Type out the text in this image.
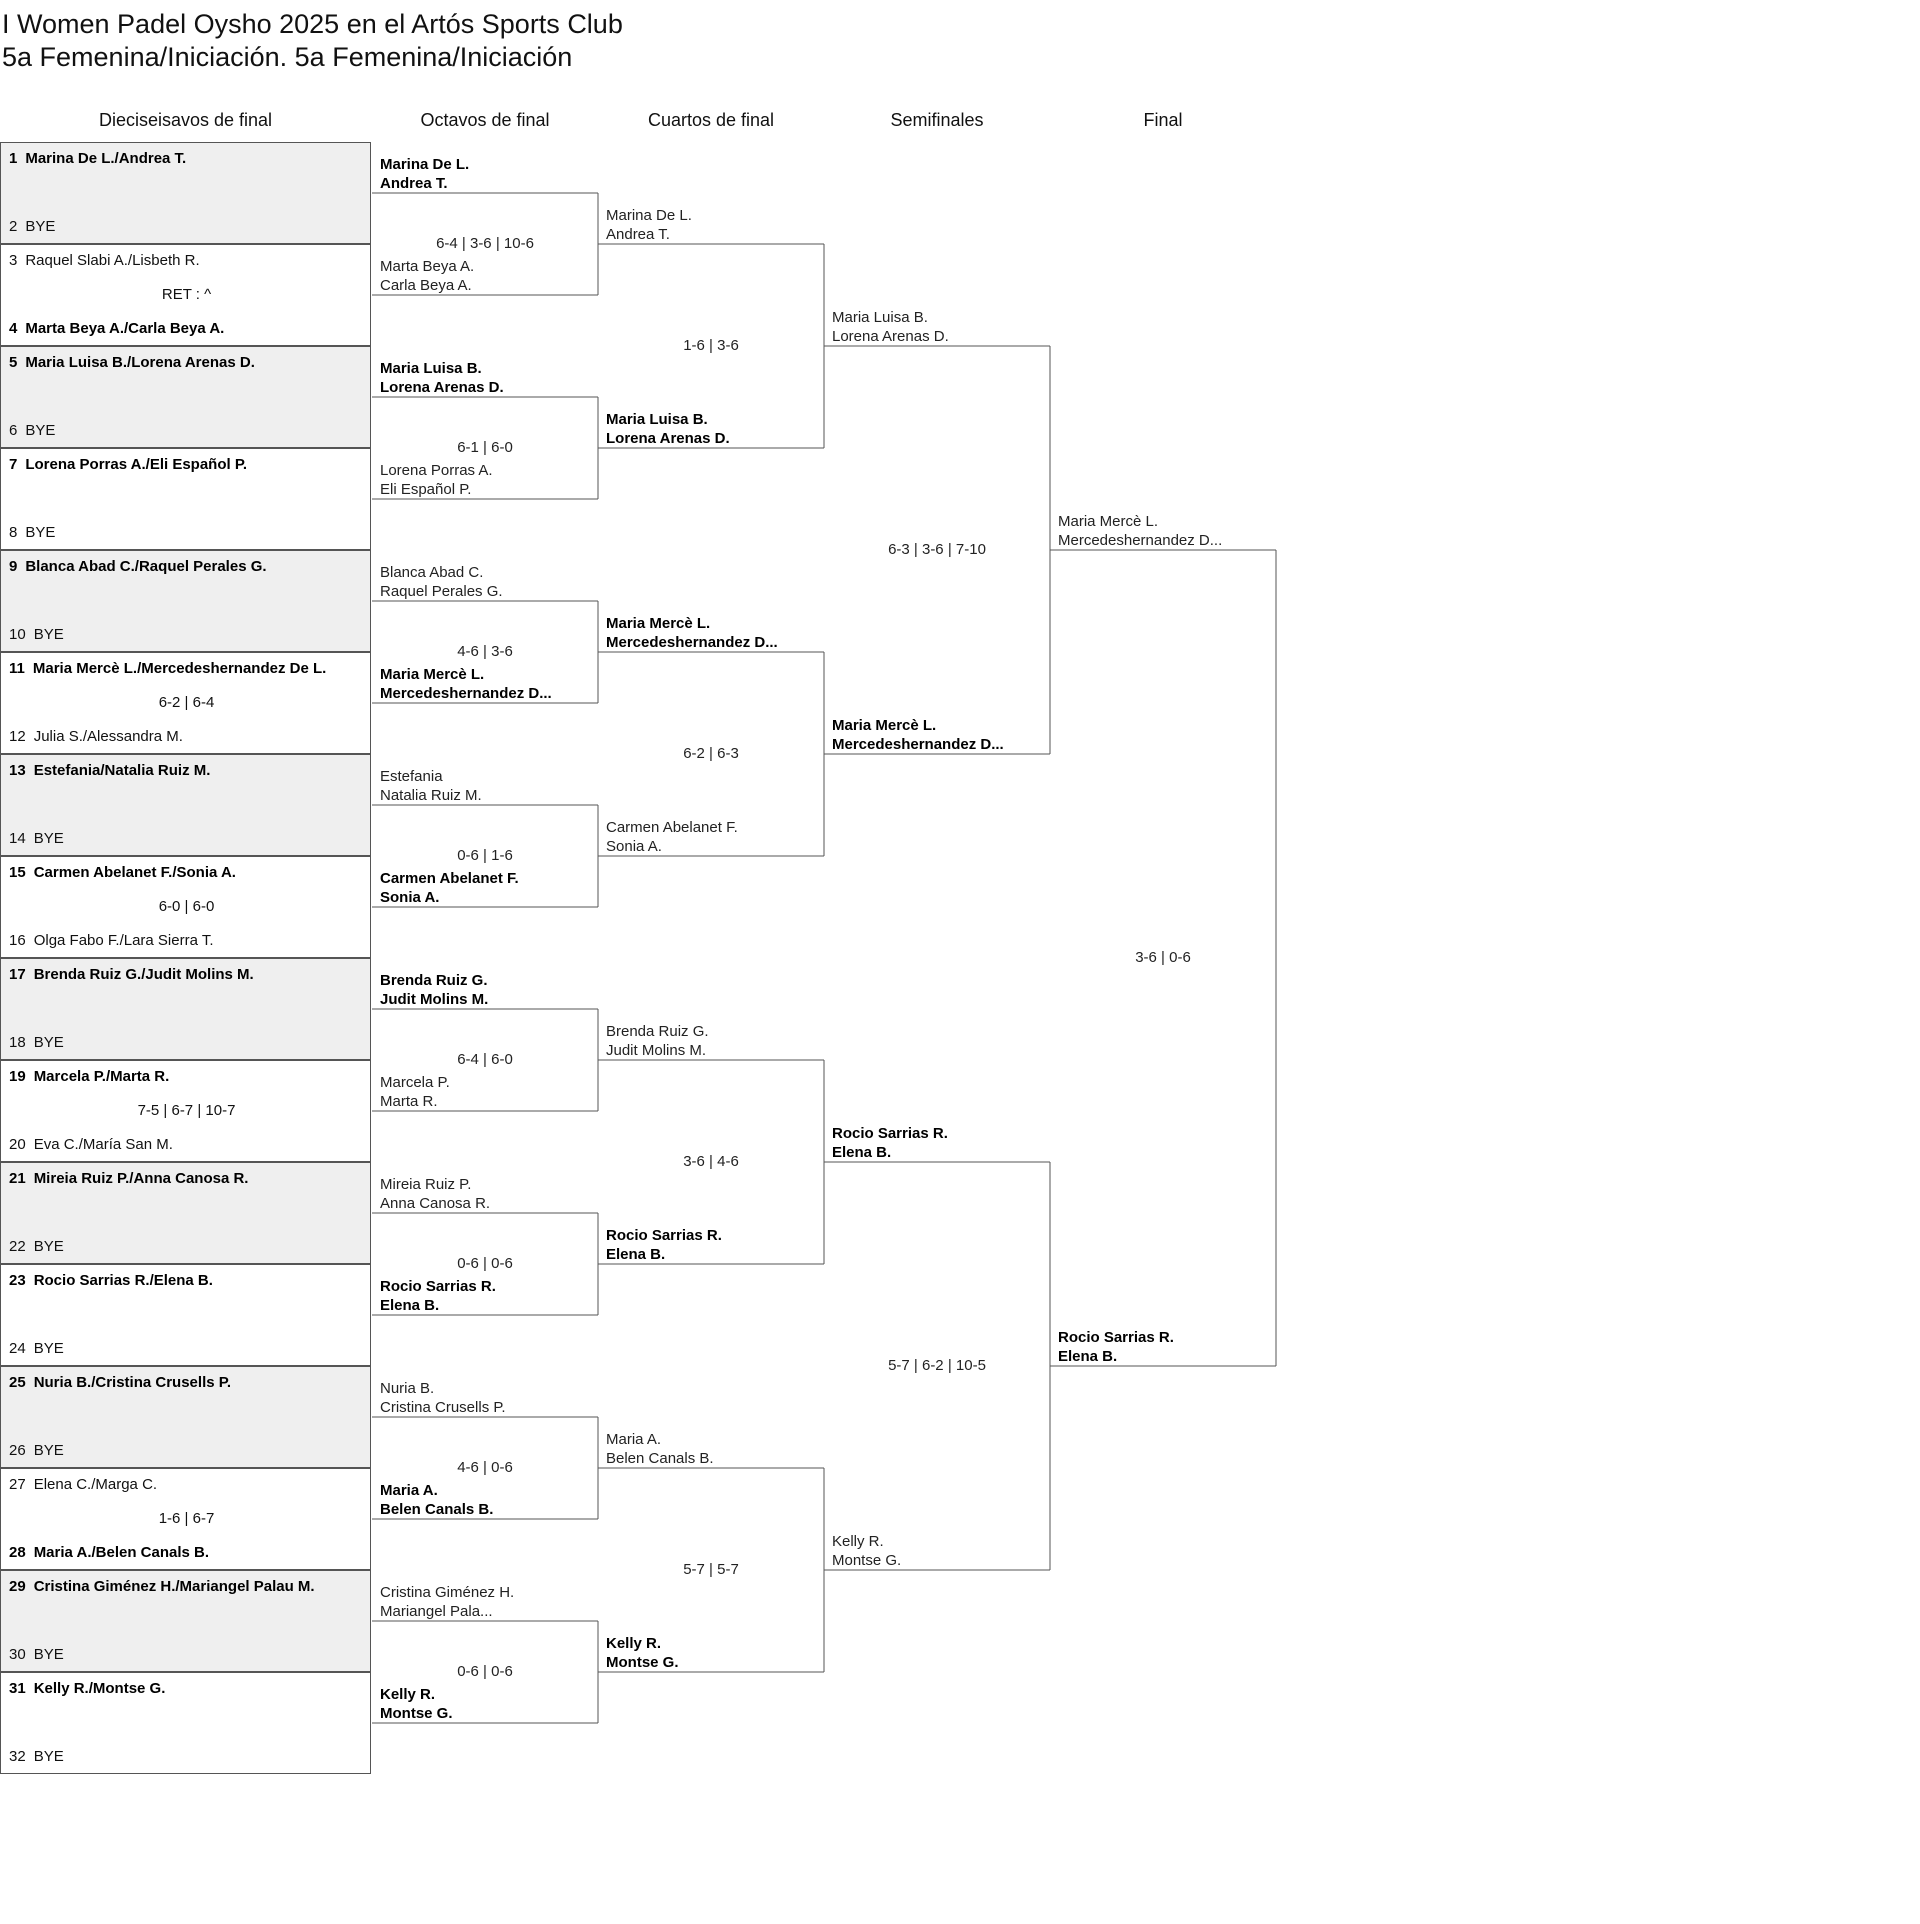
I Women Padel Oysho 2025 en el Artós Sports Club
5a Femenina/Iniciación. 5a Femenina/Iniciación
Dieciseisavos de final	Octavos de final	Cuartos de final	Semifinales	Final
1 Marina De L./Andrea T.
2 BYE
3 Raquel Slabi A./Lisbeth R.
4 Marta Beya A./Carla Beya A.
RET : ^
5 Maria Luisa B./Lorena Arenas D.
6 BYE
7 Lorena Porras A./Eli Español P.
8 BYE
9 Blanca Abad C./Raquel Perales G.
10 BYE
11 Maria Mercè L./Mercedeshernandez De L.
12 Julia S./Alessandra M.
6-2 | 6-4
13 Estefania/Natalia Ruiz M.
14 BYE
15 Carmen Abelanet F./Sonia A.
16 Olga Fabo F./Lara Sierra T.
6-0 | 6-0
17 Brenda Ruiz G./Judit Molins M.
18 BYE
19 Marcela P./Marta R.
20 Eva C./María San M.
7-5 | 6-7 | 10-7
21 Mireia Ruiz P./Anna Canosa R.
22 BYE
23 Rocio Sarrias R./Elena B.
24 BYE
25 Nuria B./Cristina Crusells P.
26 BYE
27 Elena C./Marga C.
28 Maria A./Belen Canals B.
1-6 | 6-7
29 Cristina Giménez H./Mariangel Palau M.
30 BYE
31 Kelly R./Montse G.
32 BYE
Marina De L.
Andrea T.
Marta Beya A.
Carla Beya A.
6-4 | 3-6 | 10-6
Maria Luisa B.
Lorena Arenas D.
Lorena Porras A.
Eli Español P.
6-1 | 6-0
Blanca Abad C.
Raquel Perales G.
Maria Mercè L.
Mercedeshernandez D...
4-6 | 3-6
Estefania
Natalia Ruiz M.
Carmen Abelanet F.
Sonia A.
0-6 | 1-6
Brenda Ruiz G.
Judit Molins M.
Marcela P.
Marta R.
6-4 | 6-0
Mireia Ruiz P.
Anna Canosa R.
Rocio Sarrias R.
Elena B.
0-6 | 0-6
Nuria B.
Cristina Crusells P.
Maria A.
Belen Canals B.
4-6 | 0-6
Cristina Giménez H.
Mariangel Pala...
Kelly R.
Montse G.
0-6 | 0-6
Marina De L.
Andrea T.
Maria Luisa B.
Lorena Arenas D.
1-6 | 3-6
Maria Mercè L.
Mercedeshernandez D...
Carmen Abelanet F.
Sonia A.
6-2 | 6-3
Brenda Ruiz G.
Judit Molins M.
Rocio Sarrias R.
Elena B.
3-6 | 4-6
Maria A.
Belen Canals B.
Kelly R.
Montse G.
5-7 | 5-7
Maria Luisa B.
Lorena Arenas D.
Maria Mercè L.
Mercedeshernandez D...
6-3 | 3-6 | 7-10
Rocio Sarrias R.
Elena B.
Kelly R.
Montse G.
5-7 | 6-2 | 10-5
Maria Mercè L.
Mercedeshernandez D...
Rocio Sarrias R.
Elena B.
3-6 | 0-6
